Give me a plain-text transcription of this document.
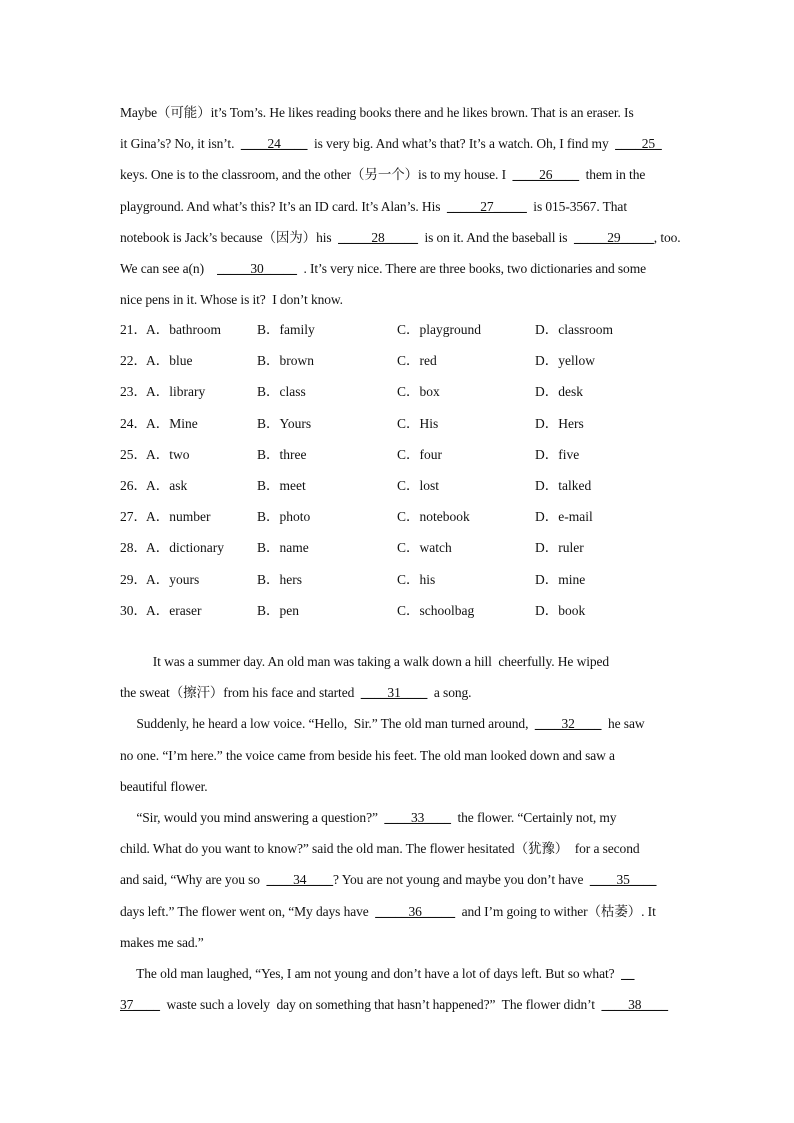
Maybe（可能）it’s Tom’s. He likes reading books there and he likes brown. That is an eraser. Is
it Gina’s? No, it isn’t.  ____24____  is very big. And what’s that? It’s a watch. Oh, I find my  ____25_
keys. One is to the classroom, and the other（另一个）is to my house. I  ____26____  them in the
playground. And what’s this? It’s an ID card. It’s Alan’s. His  _____27_____  is 015-3567. That
notebook is Jack’s because（因为）his  _____28_____  is on it. And the baseball is  _____29_____, too.
We can see a(n)    _____30_____  . It’s very nice. There are three books, two dictionaries and some
nice pens in it. Whose is it?  I don’t know.
21． A．bathroom	B．family	C．playground	D．classroom
22． A．blue	B．brown	C．red	D．yellow
23． A．library	B．class	C．box	D．desk
24． A．Mine	B．Yours	C．His	D．Hers
25． A．two	B．three	C．four	D．five
26． A．ask	B．meet	C．lost	D．talked
27． A．number	B．photo	C．notebook	D．e-mail
28． A．dictionary B．name	C．watch	D．ruler
29． A．yours	B．hers	C．his	D．mine
30． A．eraser	B．pen	C．schoolbag	D．book
It was a summer day. An old man was taking a walk down a hill  cheerfully. He wiped
the sweat（擦汗）from his face and started  ____31____  a song.
Suddenly, he heard a low voice. “Hello,  Sir.” The old man turned around,  ____32____  he saw
no one. “I’m here.” the voice came from beside his feet. The old man looked down and saw a
beautiful flower.
“Sir, would you mind answering a question?”  ____33____  the flower. “Certainly not, my
child. What do you want to know?” said the old man. The flower hesitated（犹豫）  for a second
and said, “Why are you so  ____34____? You are not young and maybe you don’t have  ____35____
days left.” The flower went on, “My days have  _____36_____  and I’m going to wither（枯萎）. It
makes me sad.”
The old man laughed, “Yes, I am not young and don’t have a lot of days left. But so what?  __
37____  waste such a lovely  day on something that hasn’t happened?”  The flower didn’t  ____38____
